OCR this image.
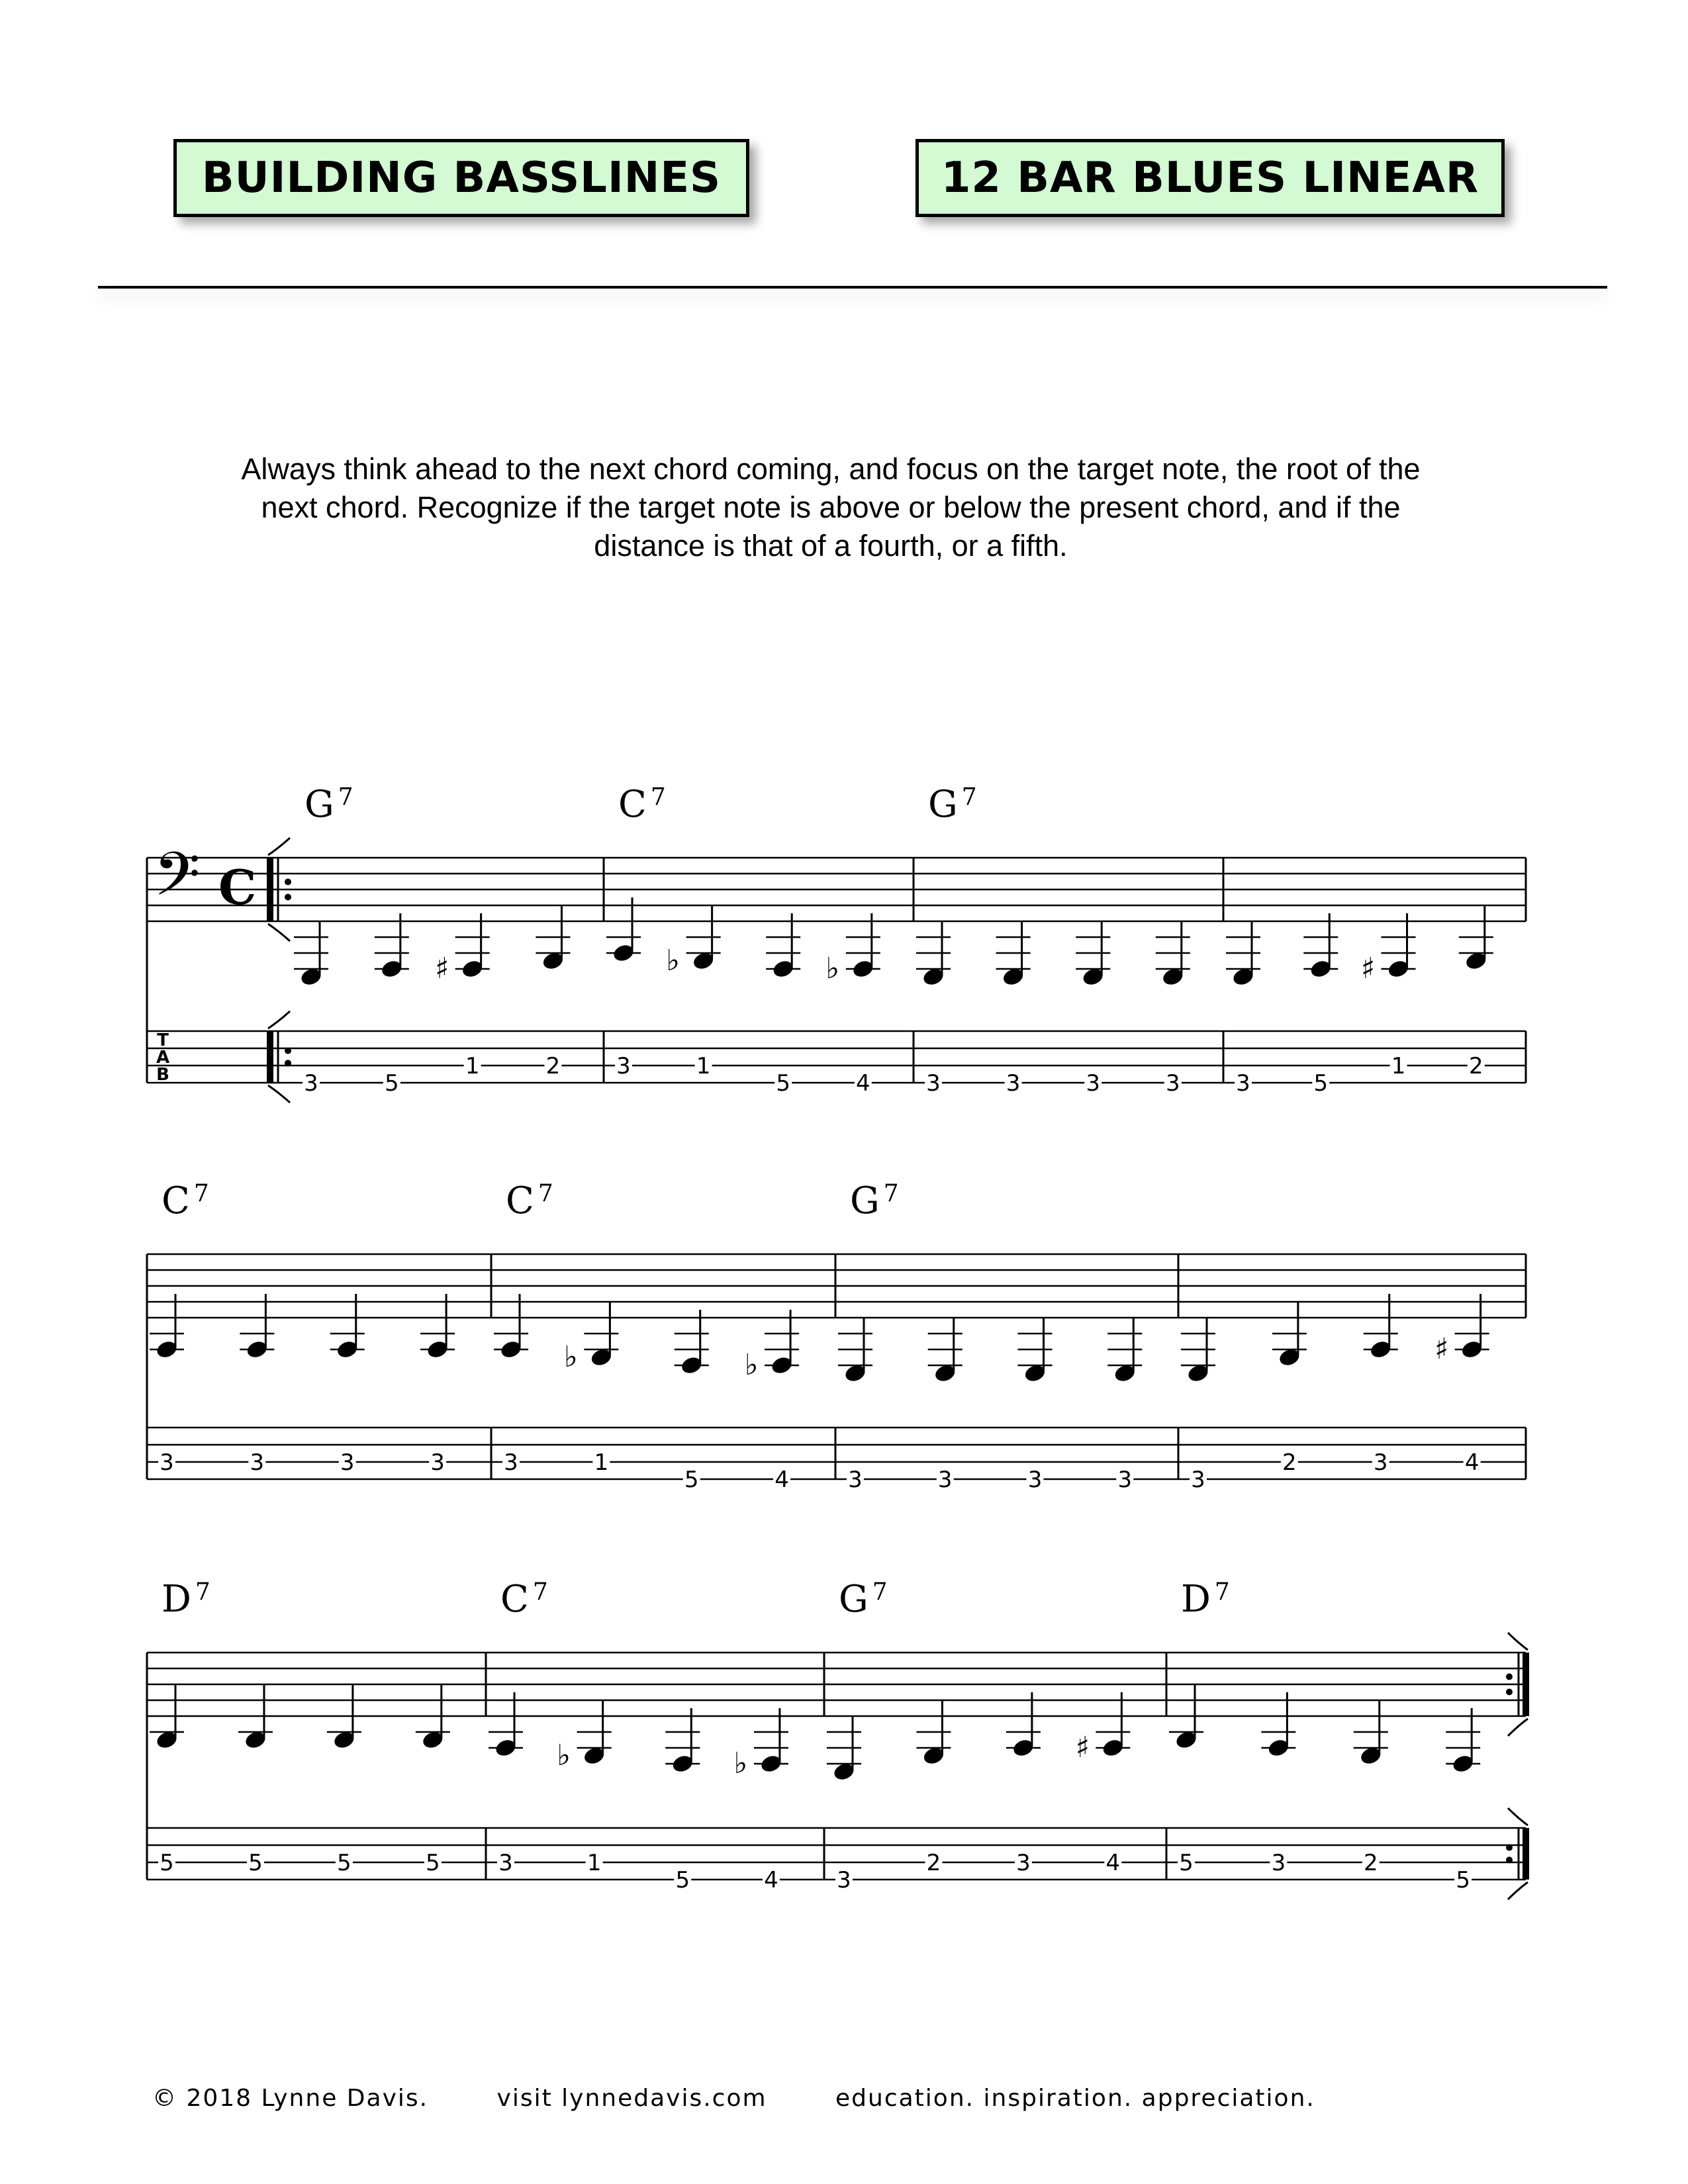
BUILDING BASSLINES	12 BAR BLUES LINEAR
Always think ahead to the next chord coming, and focus on the target note, the root of the
next chord. Recognize if the target note is above or below the present chord, and if the
distance is that of a fourth, or a fifth.
𝄢 C
T
A
B
G $^7$
♯
3	5
1	2
C $^7$
♭	♭
3	1
5	4
G $^7$
3	3	3	3
♯
3	5
1	2
C $^7$
3	3	3	3
C $^7$
♭	♭
3	1
5	4
G $^7$
3	3	3	3
♯
3
2	3	4
D $^7$
5	5	5	5
C $^7$
♭	♭
3	1
5	4
G $^7$
♯
3
2	3	4
D $^7$
5	3	2
5
© 2018 Lynne Davis.	visit lynnedavis.com	education. inspiration. appreciation.
